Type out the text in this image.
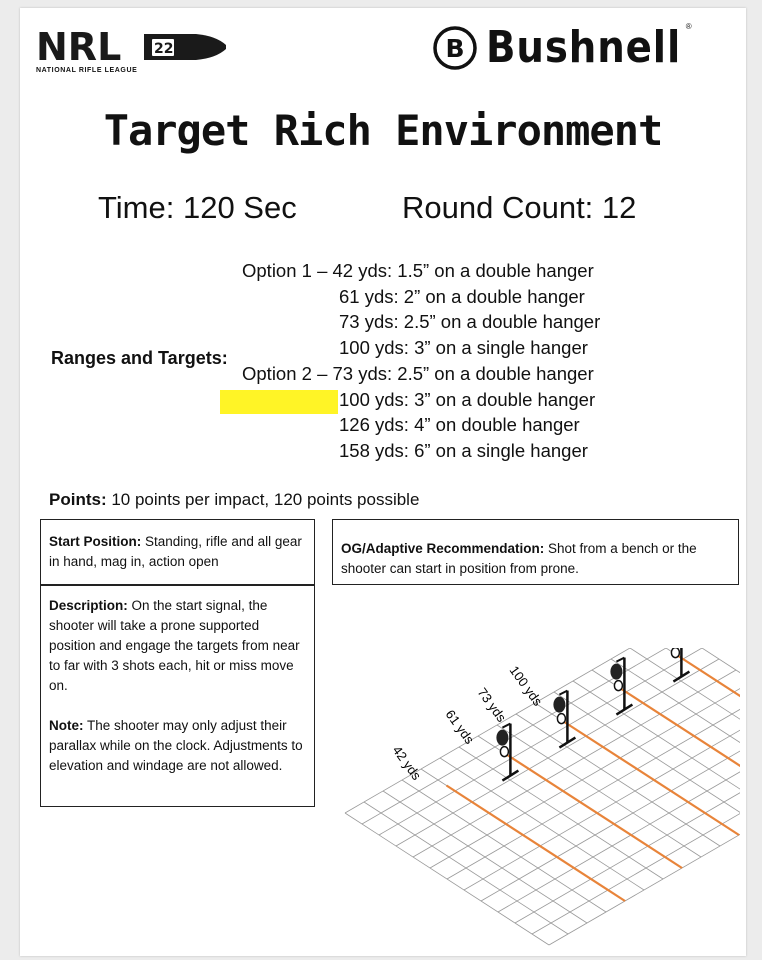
NRL 22
NATIONAL RIFLE LEAGUE
B Bushnell ®
Target Rich Environment
Time: 120 Sec	Round Count: 12
Ranges and Targets:
Option 1 – 42 yds: 1.5” on a double hanger
61 yds: 2” on a double hanger
73 yds: 2.5” on a double hanger
100 yds: 3” on a single hanger
Option 2 – 73 yds: 2.5” on a double hanger
100 yds: 3” on a double hanger
126 yds: 4” on double hanger
158 yds: 6” on a single hanger
Points: 10 points per impact, 120 points possible
Start Position: Standing, rifle and all gear in hand, mag in, action open
OG/Adaptive Recommendation: Shot from a bench or the shooter can start in position from prone.
Description: On the start signal, the shooter will take a prone supported position and engage the targets from near to far with 3 shots each, hit or miss move on.
Note: The shooter may only adjust their parallax while on the clock. Adjustments to elevation and windage are not allowed.	42 yds
61 yds
73 yds
100 yds
